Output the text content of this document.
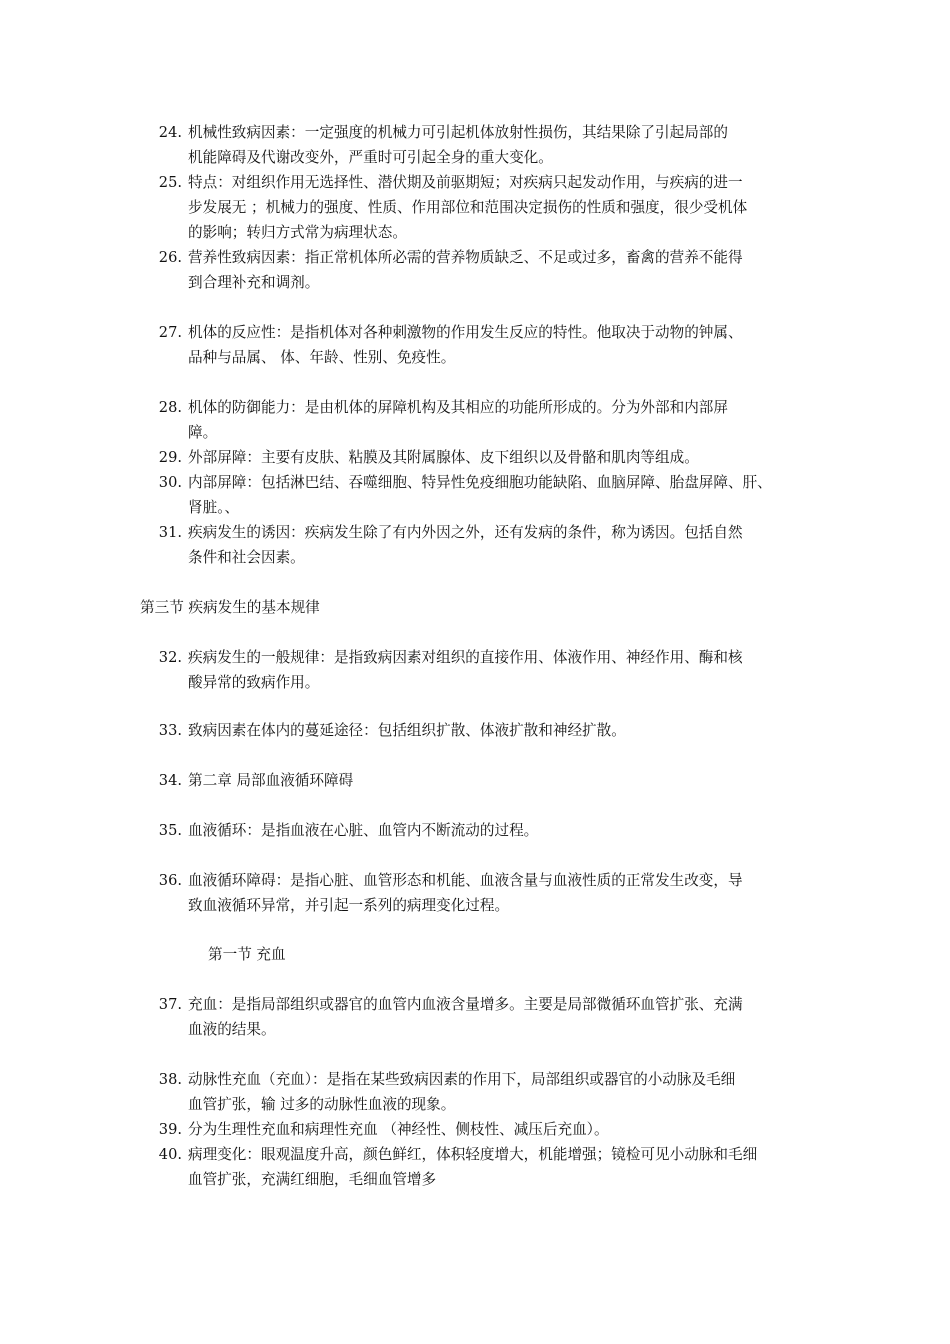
24. 机械性致病因素：一定强度的机械力可引起机体放射性损伤，其结果除了引起局部的
机能障碍及代谢改变外，严重时可引起全身的重大变化。
25. 特点：对组织作用无选择性、潜伏期及前驱期短；对疾病只起发动作用，与疾病的进一
步发展无 ；机械力的强度、性质、作用部位和范围决定损伤的性质和强度，很少受机体
的影响；转归方式常为病理状态。
26. 营养性致病因素：指正常机体所必需的营养物质缺乏、不足或过多，畜禽的营养不能得
到合理补充和调剂。
27. 机体的反应性：是指机体对各种刺激物的作用发生反应的特性。他取决于动物的钟属、
品种与品属、 体、年龄、性别、免疫性。
28. 机体的防御能力：是由机体的屏障机构及其相应的功能所形成的。分为外部和内部屏
障。
29. 外部屏障：主要有皮肤、粘膜及其附属腺体、皮下组织以及骨骼和肌肉等组成。
30. 内部屏障：包括淋巴结、吞噬细胞、特异性免疫细胞功能缺陷、血脑屏障、胎盘屏障、肝、
肾脏。、
31. 疾病发生的诱因：疾病发生除了有内外因之外，还有发病的条件，称为诱因。包括自然
条件和社会因素。
第三节 疾病发生的基本规律
32. 疾病发生的一般规律：是指致病因素对组织的直接作用、体液作用、神经作用、酶和核
酸异常的致病作用。
33. 致病因素在体内的蔓延途径：包括组织扩散、体液扩散和神经扩散。
34. 第二章 局部血液循环障碍
35. 血液循环：是指血液在心脏、血管内不断流动的过程。
36. 血液循环障碍：是指心脏、血管形态和机能、血液含量与血液性质的正常发生改变，导
致血液循环异常，并引起一系列的病理变化过程。
第一节 充血
37. 充血：是指局部组织或器官的血管内血液含量增多。主要是局部微循环血管扩张、充满
血液的结果。
38. 动脉性充血（充血）：是指在某些致病因素的作用下，局部组织或器官的小动脉及毛细
血管扩张，输 过多的动脉性血液的现象。
39. 分为生理性充血和病理性充血 （神经性、侧枝性、减压后充血）。
40. 病理变化：眼观温度升高，颜色鲜红，体积轻度增大，机能增强；镜检可见小动脉和毛细
血管扩张，充满红细胞，毛细血管增多
